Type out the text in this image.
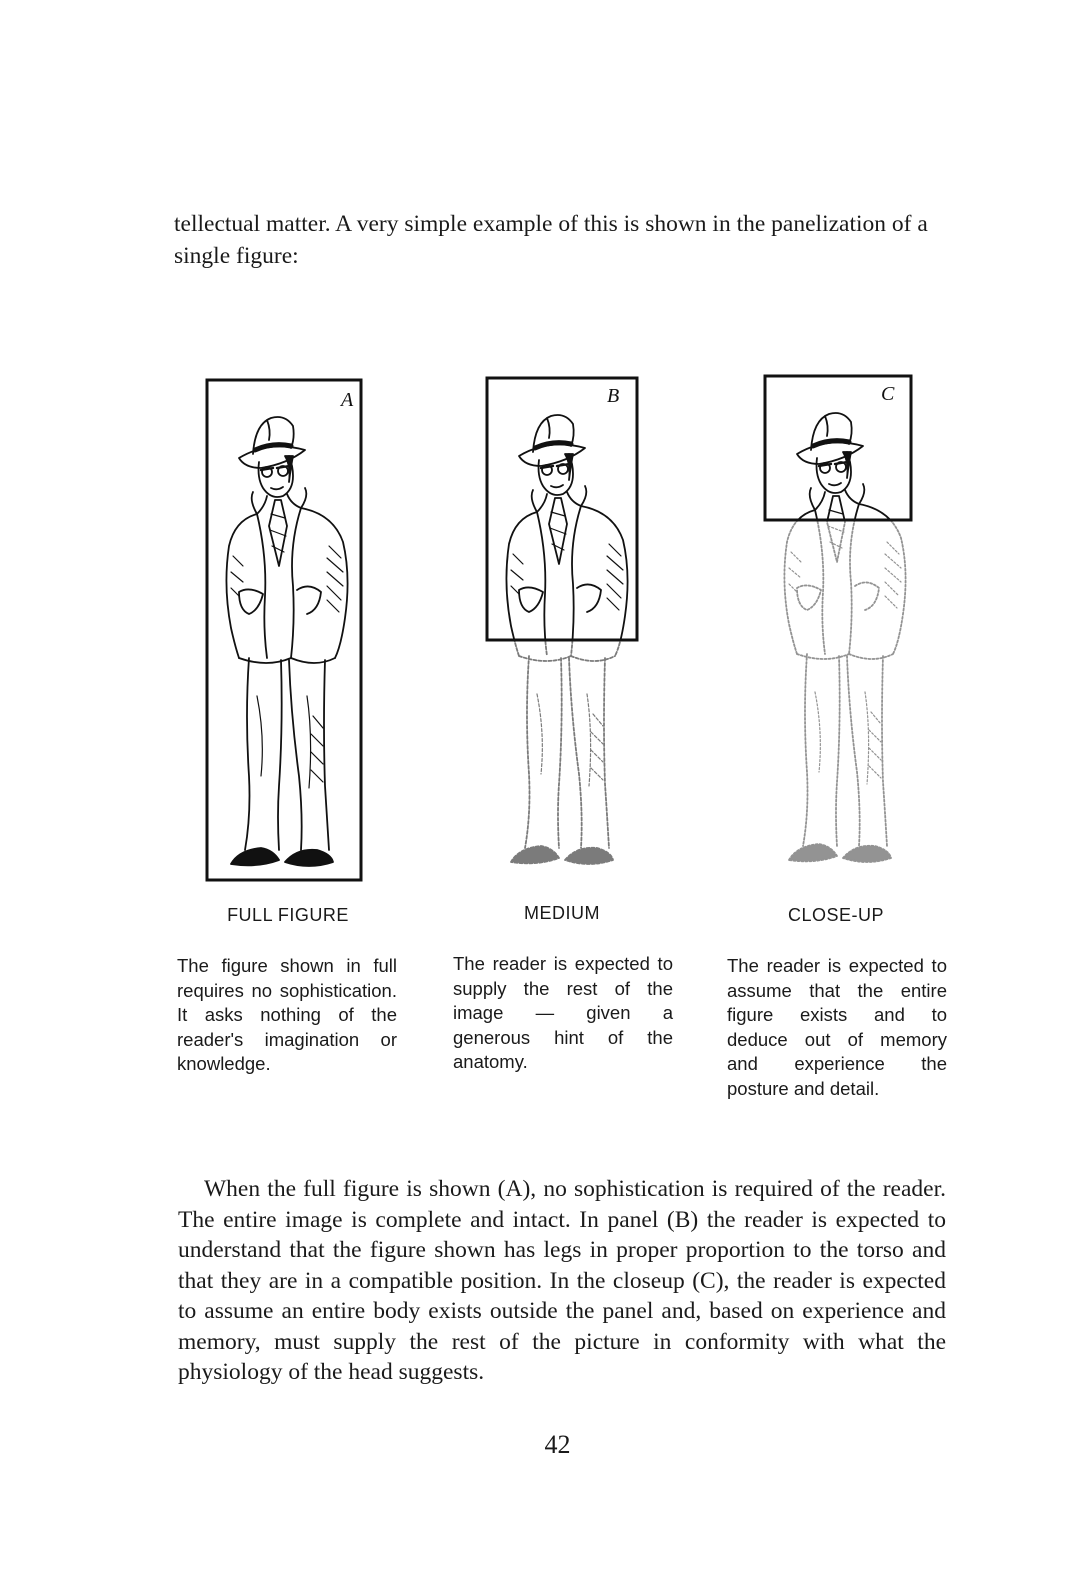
tellectual matter. A very simple example of this is shown in the panelization of a single figure:

A	B	C

FULL FIGURE	MEDIUM	CLOSE-UP

The figure shown in full requires no sophistication. It asks nothing of the reader's imagination or knowledge.

The reader is expected to supply the rest of the image — given a generous hint of the anatomy.

The reader is expected to assume that the entire figure exists and to deduce out of memory and experience the posture and detail.

When the full figure is shown (A), no sophistication is required of the reader. The entire image is complete and intact. In panel (B) the reader is expected to understand that the figure shown has legs in proper proportion to the torso and that they are in a compatible position. In the closeup (C), the reader is expected to assume an entire body exists outside the panel and, based on experience and memory, must supply the rest of the picture in conformity with what the physiology of the head suggests.

42
